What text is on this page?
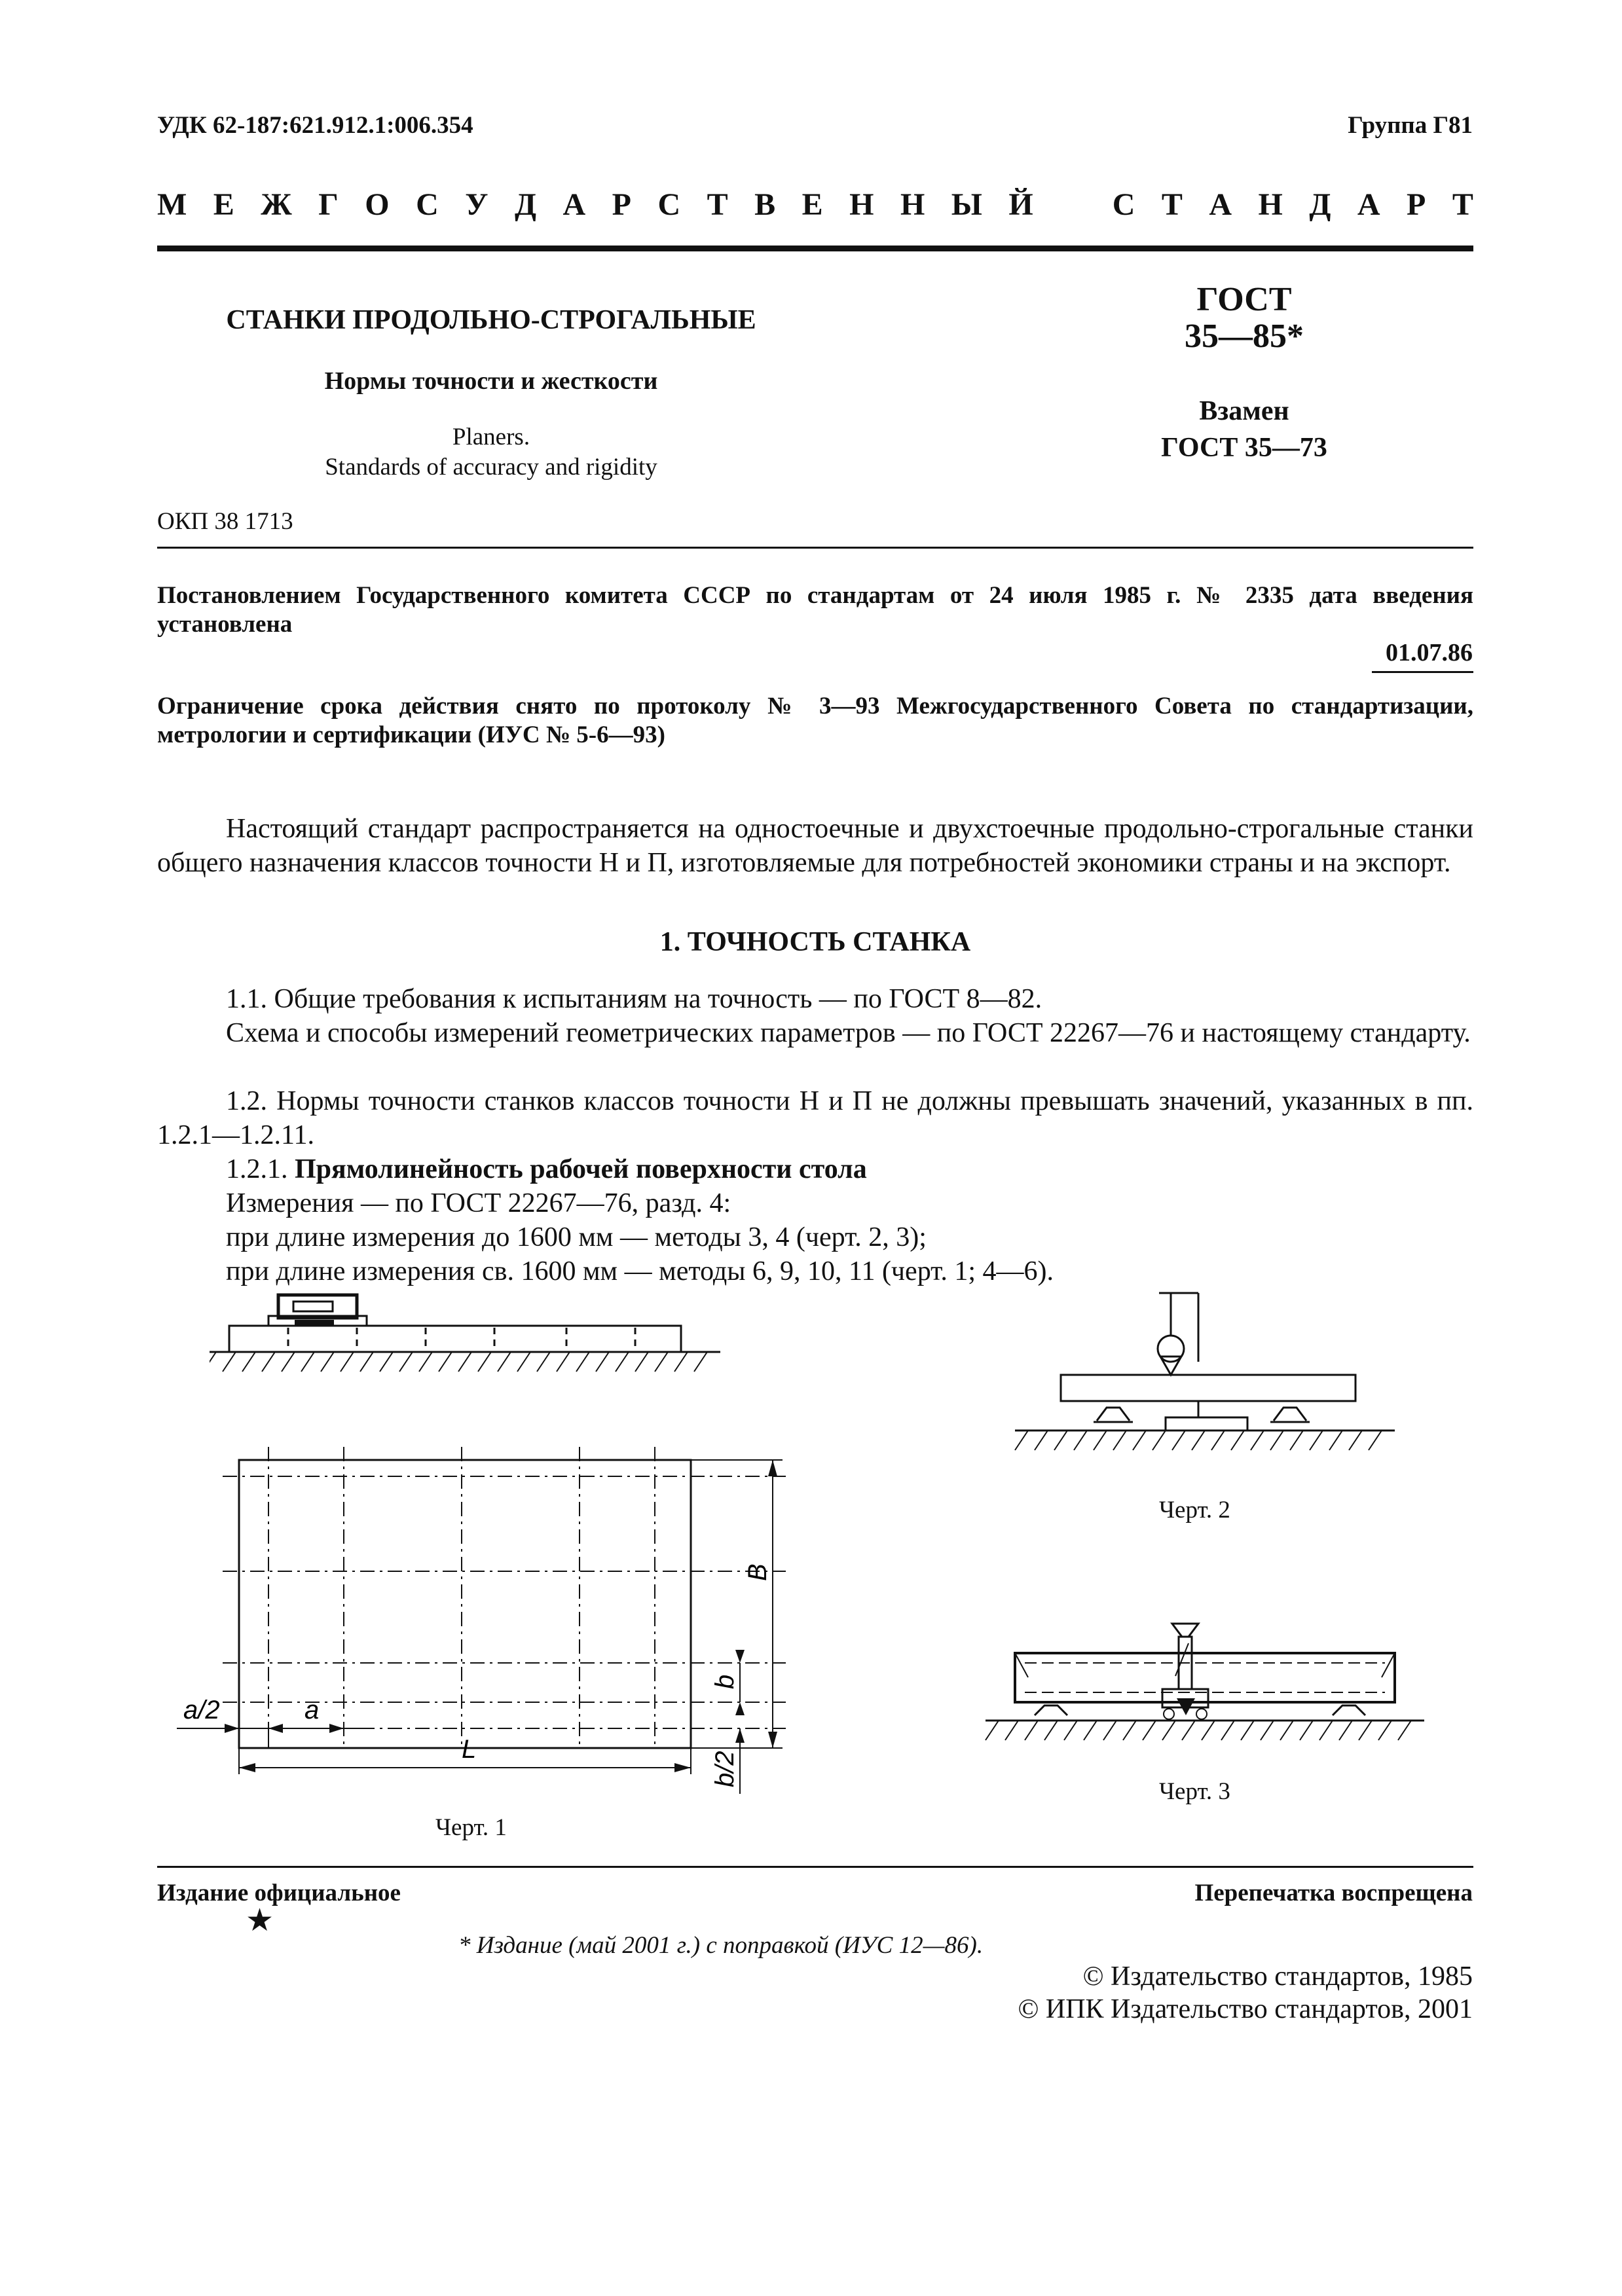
УДК 62-187:621.912.1:006.354	Группа Г81
М Е Ж Г О С У Д А Р С Т В Е Н Н Ы Й	С Т А Н Д А Р Т
СТАНКИ ПРОДОЛЬНО-СТРОГАЛЬНЫЕ
Нормы точности и жесткости
Planers.
Standards of accuracy and rigidity
ГОСТ
35—85*
Взамен
ГОСТ 35—73
ОКП 38 1713
Постановлением Государственного комитета СССР по стандартам от 24 июля 1985 г. № 2335 дата введения установлена
01.07.86
Ограничение срока действия снято по протоколу № 3—93 Межгосударственного Совета по стандартизации, метрологии и сертификации (ИУС № 5-6—93)
Настоящий стандарт распространяется на одностоечные и двухстоечные продольно-строгальные станки общего назначения классов точности Н и П, изготовляемые для потребностей экономики страны и на экспорт.
1. ТОЧНОСТЬ СТАНКА
1.1. Общие требования к испытаниям на точность — по ГОСТ 8—82.
Схема и способы измерений геометрических параметров — по ГОСТ 22267—76 и настоящему стандарту.
1.2. Нормы точности станков классов точности Н и П не должны превышать значений, указанных в пп. 1.2.1—1.2.11.
1.2.1. Прямолинейность рабочей поверхности стола
Измерения — по ГОСТ 22267—76, разд. 4:
при длине измерения до 1600 мм — методы 3, 4 (черт. 2, 3);
при длине измерения св. 1600 мм — методы 6, 9, 10, 11 (черт. 1; 4—6).
a/2	a
L
B
b
b/2
Черт. 1
Черт. 2
Черт. 3
Издание официальное	Перепечатка воспрещена
★
* Издание (май 2001 г.) с поправкой (ИУС 12—86).
© Издательство стандартов, 1985
© ИПК Издательство стандартов, 2001
